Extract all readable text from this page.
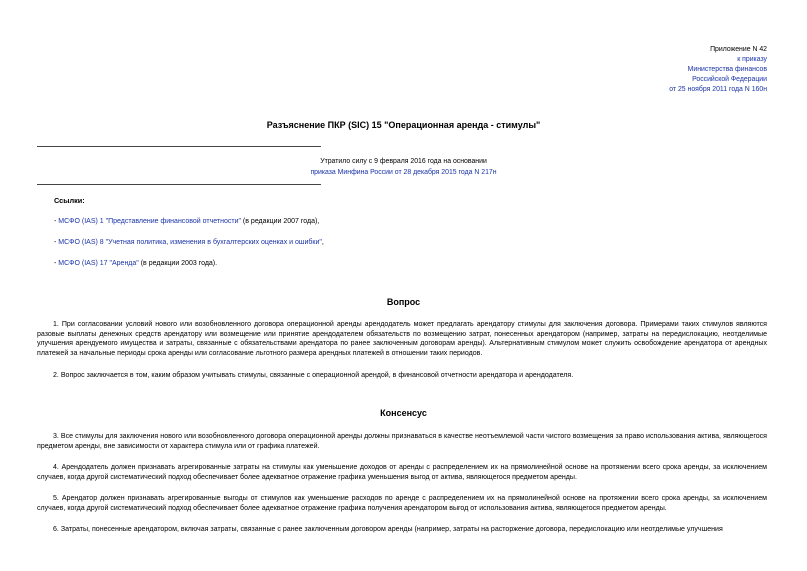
Приложение N 42
к приказу
Министерства финансов
Российской Федерации
от 25 ноября 2011 года N 160н
Разъяснение ПКР (SIC) 15 "Операционная аренда - стимулы"
Утратило силу с 9 февраля 2016 года на основании
приказа Минфина России от 28 декабря 2015 года N 217н
Ссылки:
- МСФО (IAS) 1 "Представление финансовой отчетности" (в редакции 2007 года),
- МСФО (IAS) 8 "Учетная политика, изменения в бухгалтерских оценках и ошибки",
- МСФО (IAS) 17 "Аренда" (в редакции 2003 года).
Вопрос
1. При согласовании условий нового или возобновленного договора операционной аренды арендодатель может предлагать арендатору стимулы для заключения договора. Примерами таких стимулов являются разовые выплаты денежных средств арендатору или возмещение или принятие арендодателем обязательств по возмещению затрат, понесенных арендатором (например, затраты на передислокацию, неотделимые улучшения арендуемого имущества и затраты, связанные с обязательствами арендатора по ранее заключенным договорам аренды). Альтернативным стимулом может служить освобождение арендатора от арендных платежей за начальные периоды срока аренды или согласование льготного размера арендных платежей в отношении таких периодов.
2. Вопрос заключается в том, каким образом учитывать стимулы, связанные с операционной арендой, в финансовой отчетности арендатора и арендодателя.
Консенсус
3. Все стимулы для заключения нового или возобновленного договора операционной аренды должны признаваться в качестве неотъемлемой части чистого возмещения за право использования актива, являющегося предметом аренды, вне зависимости от характера стимула или от графика платежей.
4. Арендодатель должен признавать агрегированные затраты на стимулы как уменьшение доходов от аренды с распределением их на прямолинейной основе на протяжении всего срока аренды, за исключением случаев, когда другой систематический подход обеспечивает более адекватное отражение графика уменьшения выгод от актива, являющегося предметом аренды.
5. Арендатор должен признавать агрегированные выгоды от стимулов как уменьшение расходов по аренде с распределением их на прямолинейной основе на протяжении всего срока аренды, за исключением случаев, когда другой систематический подход обеспечивает более адекватное отражение графика получения арендатором выгод от использования актива, являющегося предметом аренды.
6. Затраты, понесенные арендатором, включая затраты, связанные с ранее заключенным договором аренды (например, затраты на расторжение договора, передислокацию или неотделимые улучшения
